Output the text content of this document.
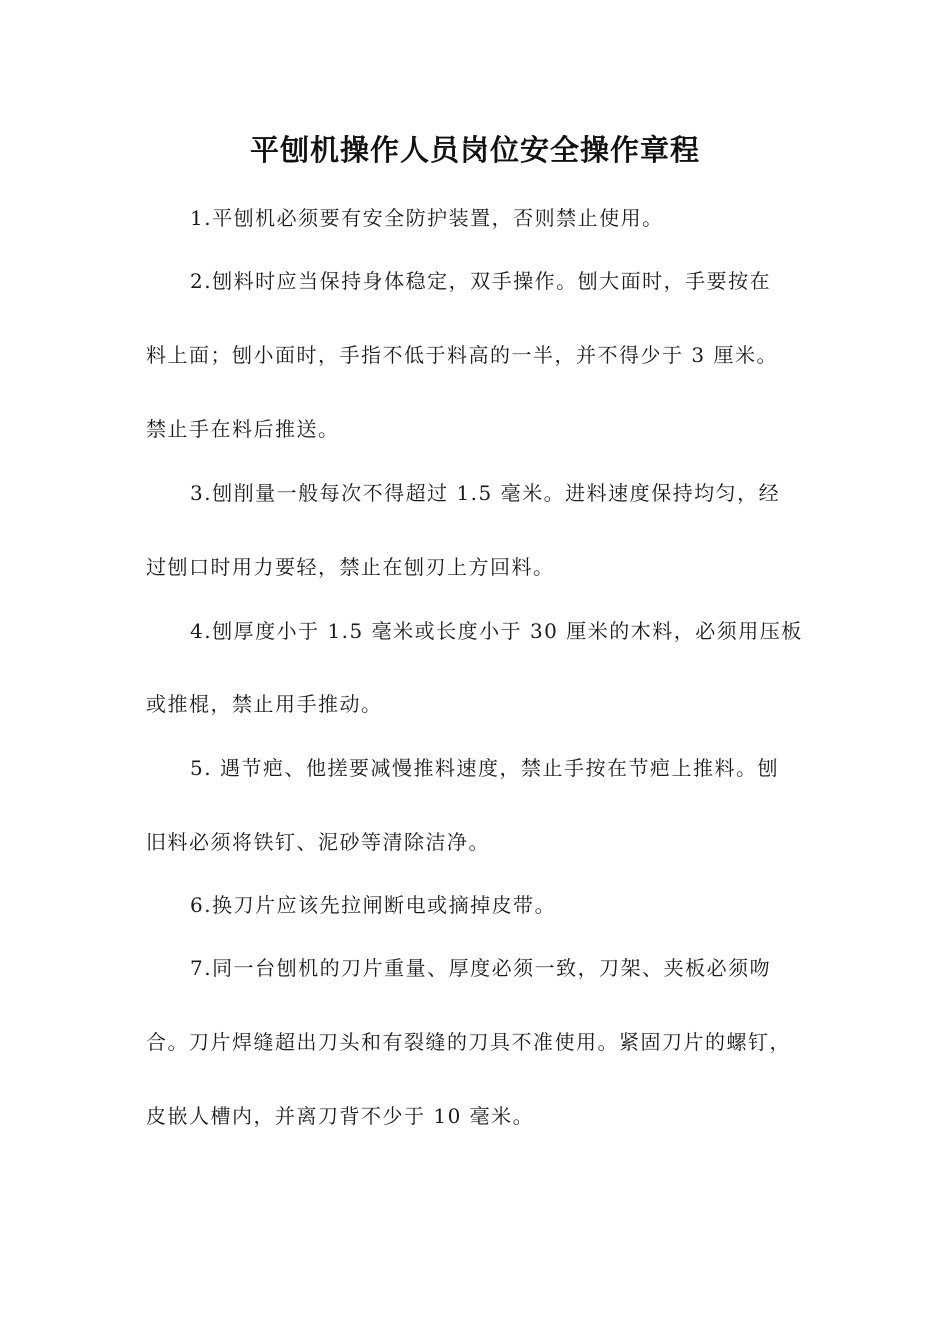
平刨机操作人员岗位安全操作章程
1.平刨机必须要有安全防护装置，否则禁止使用。
2.刨料时应当保持身体稳定，双手操作。刨大面时，手要按在
料上面；刨小面时，手指不低于料高的一半，并不得少于 3 厘米。
禁止手在料后推送。
3.刨削量一般每次不得超过 1.5 毫米。进料速度保持均匀，经
过刨口时用力要轻，禁止在刨刃上方回料。
4.刨厚度小于 1.5 毫米或长度小于 30 厘米的木料，必须用压板
或推棍，禁止用手推动。
5. 遇节疤、他搓要减慢推料速度，禁止手按在节疤上推料。刨
旧料必须将铁钉、泥砂等清除洁净。
6.换刀片应该先拉闸断电或摘掉皮带。
7.同一台刨机的刀片重量、厚度必须一致，刀架、夹板必须吻
合。刀片焊缝超出刀头和有裂缝的刀具不准使用。紧固刀片的螺钉，
皮嵌人槽内，并离刀背不少于 10 毫米。
